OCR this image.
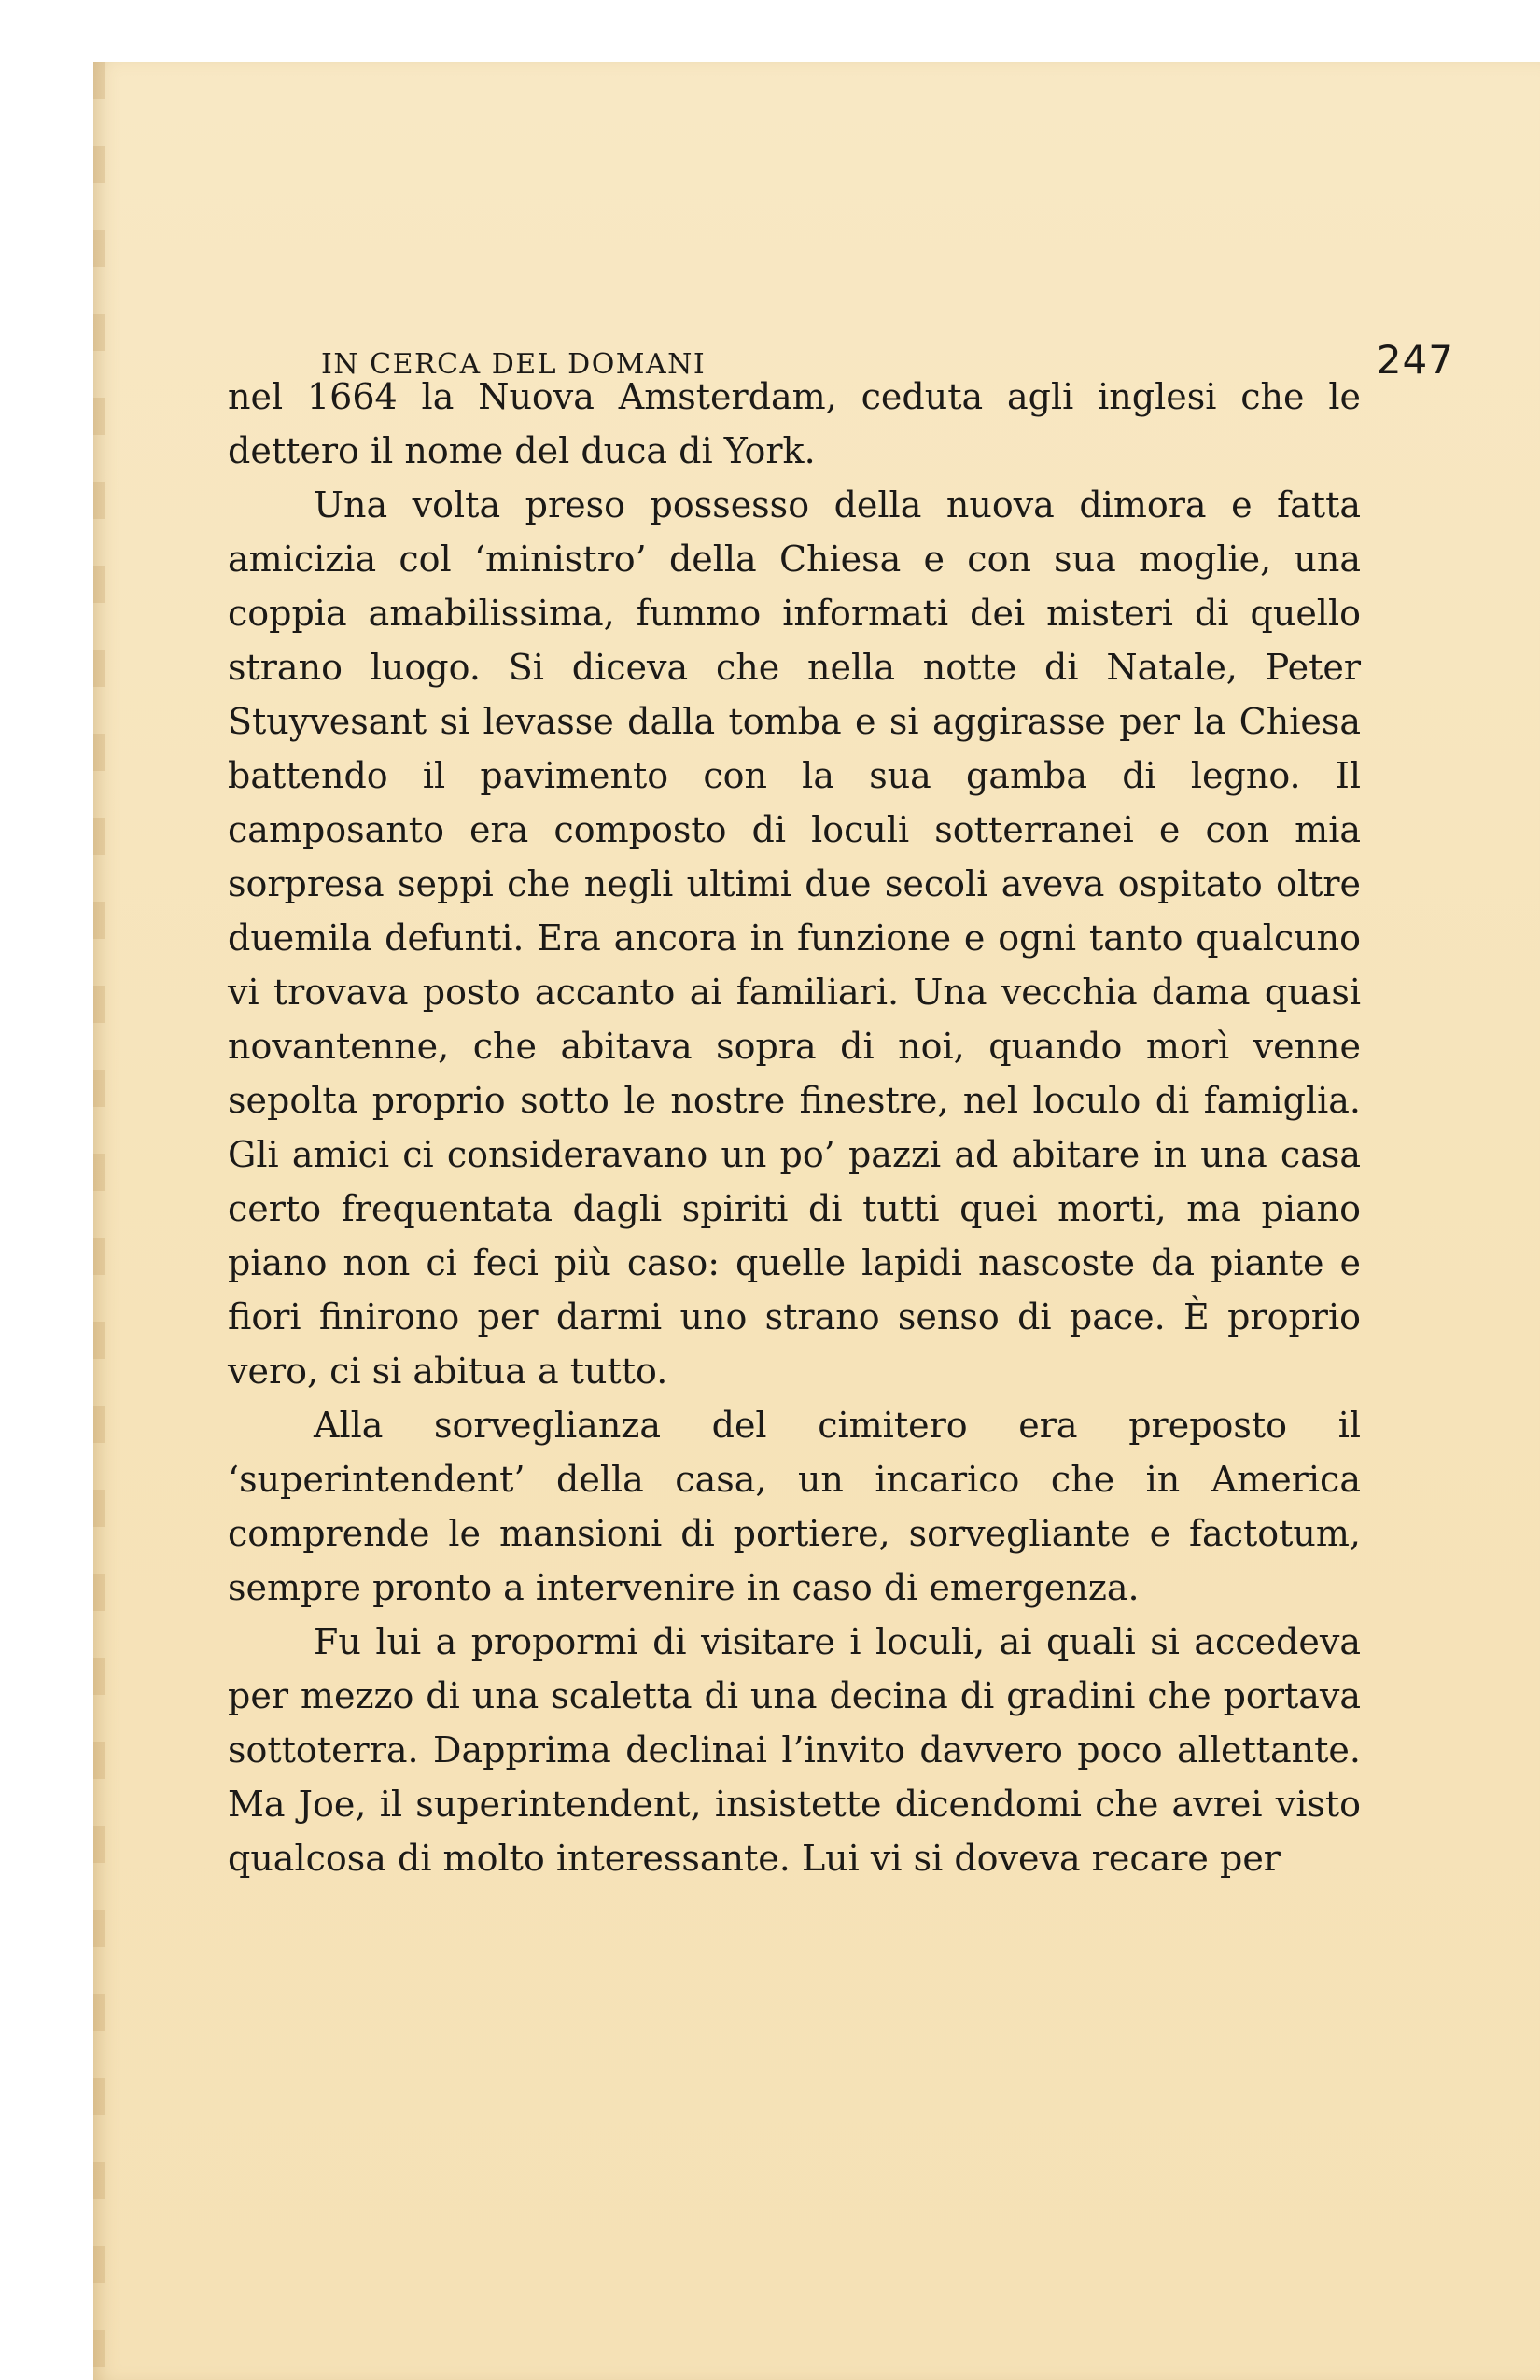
IN CERCA DEL DOMANI	247

nel 1664 la Nuova Amsterdam, ceduta agli inglesi che le dettero il nome del duca di York.

Una volta preso possesso della nuova dimora e fatta amicizia col ‘ministro’ della Chiesa e con sua moglie, una coppia amabilissima, fummo informati dei misteri di quello strano luogo. Si diceva che nella notte di Natale, Peter Stuyvesant si levasse dalla tomba e si aggirasse per la Chiesa battendo il pavimento con la sua gamba di legno. Il camposanto era composto di loculi sotterranei e con mia sorpresa seppi che negli ultimi due secoli aveva ospitato oltre duemila defunti. Era ancora in funzione e ogni tanto qualcuno vi trovava posto accanto ai familiari. Una vecchia dama quasi novantenne, che abitava sopra di noi, quando morì venne sepolta proprio sotto le nostre finestre, nel loculo di famiglia. Gli amici ci consideravano un po’ pazzi ad abitare in una casa certo frequentata dagli spiriti di tutti quei morti, ma piano piano non ci feci più caso: quelle lapidi nascoste da piante e fiori finirono per darmi uno strano senso di pace. È proprio vero, ci si abitua a tutto.

Alla sorveglianza del cimitero era preposto il ‘superintendent’ della casa, un incarico che in America comprende le mansioni di portiere, sorvegliante e factotum, sempre pronto a intervenire in caso di emergenza.

Fu lui a propormi di visitare i loculi, ai quali si accedeva per mezzo di una scaletta di una decina di gradini che portava sottoterra. Dapprima declinai l’invito davvero poco allettante. Ma Joe, il superintendent, insistette dicendomi che avrei visto qualcosa di molto interessante. Lui vi si doveva recare per
